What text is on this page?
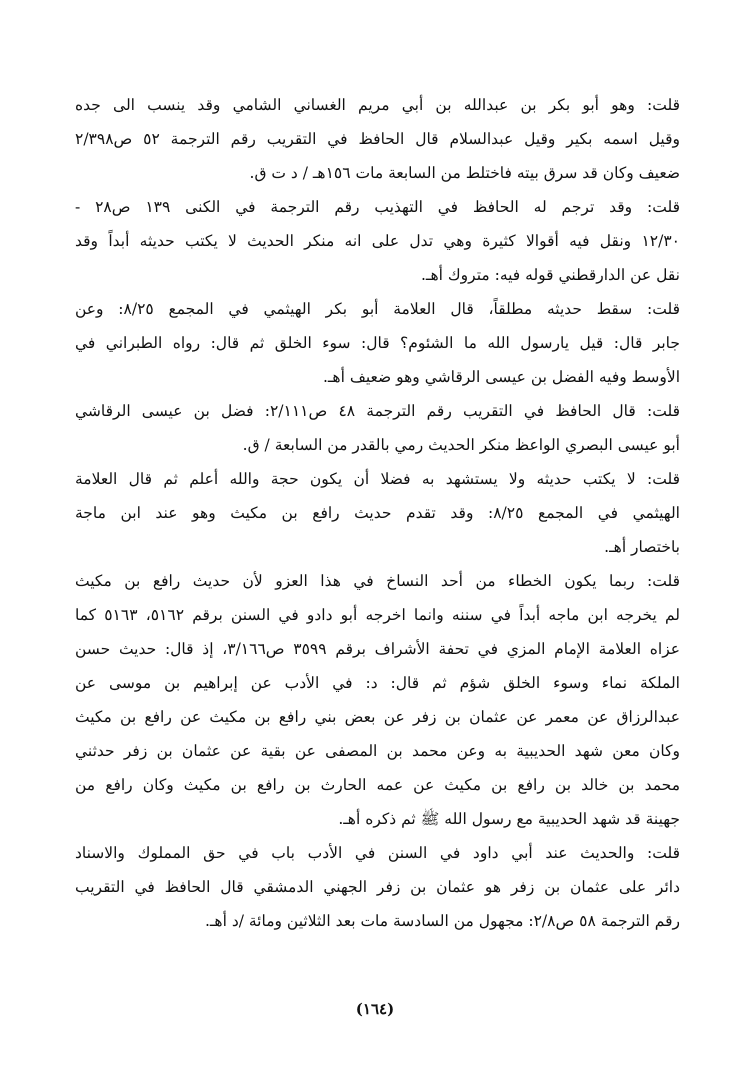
قلت: وهو أبو بكر بن عبدالله بن أبي مريم الغساني الشامي وقد ينسب الى جده
وقيل اسمه بكير وقيل عبدالسلام قال الحافظ في التقريب رقم الترجمة ٥٢ ص٢/٣٩٨
ضعيف وكان قد سرق بيته فاختلط من السابعة مات ١٥٦هـ / د ت ق.
قلت: وقد ترجم له الحافظ في التهذيب رقم الترجمة في الكنى ١٣٩ ص٢٨ -
١٢/٣٠ ونقل فيه أقوالا كثيرة وهي تدل على انه منكر الحديث لا يكتب حديثه أبداً وقد
نقل عن الدارقطني قوله فيه: متروك أهـ.
قلت: سقط حديثه مطلقاً، قال العلامة أبو بكر الهيثمي في المجمع ٨/٢٥: وعن
جابر قال: قيل يارسول الله ما الشئوم؟ قال: سوء الخلق ثم قال: رواه الطبراني في
الأوسط وفيه الفضل بن عيسى الرقاشي وهو ضعيف أهـ.
قلت: قال الحافظ في التقريب رقم الترجمة ٤٨ ص٢/١١١: فضل بن عيسى الرقاشي
أبو عيسى البصري الواعظ منكر الحديث رمي بالقدر من السابعة / ق.
قلت: لا يكتب حديثه ولا يستشهد به فضلا أن يكون حجة والله أعلم ثم قال العلامة
الهيثمي في المجمع ٨/٢٥: وقد تقدم حديث رافع بن مكيث وهو عند ابن ماجة
باختصار أهـ.
قلت: ربما يكون الخطاء من أحد النساخ في هذا العزو لأن حديث رافع بن مكيث
لم يخرجه ابن ماجه أبداً في سننه وانما اخرجه أبو دادو في السنن برقم ٥١٦٢، ٥١٦٣ كما
عزاه العلامة الإمام المزي في تحفة الأشراف برقم ٣٥٩٩ ص٣/١٦٦، إذ قال: حديث حسن
الملكة نماء وسوء الخلق شؤم ثم قال: د: في الأدب عن إبراهيم بن موسى عن
عبدالرزاق عن معمر عن عثمان بن زفر عن بعض بني رافع بن مكيث عن رافع بن مكيث
وكان معن شهد الحديبية به وعن محمد بن المصفى عن بقية عن عثمان بن زفر حدثني
محمد بن خالد بن رافع بن مكيث عن عمه الحارث بن رافع بن مكيث وكان رافع من
جهينة قد شهد الحديبية مع رسول الله ﷺ ثم ذكره أهـ.
قلت: والحديث عند أبي داود في السنن في الأدب باب في حق المملوك والاسناد
دائر على عثمان بن زفر هو عثمان بن زفر الجهني الدمشقي قال الحافظ في التقريب
رقم الترجمة ٥٨ ص٢/٨: مجهول من السادسة مات بعد الثلاثين ومائة /د أهـ.
(١٦٤)
